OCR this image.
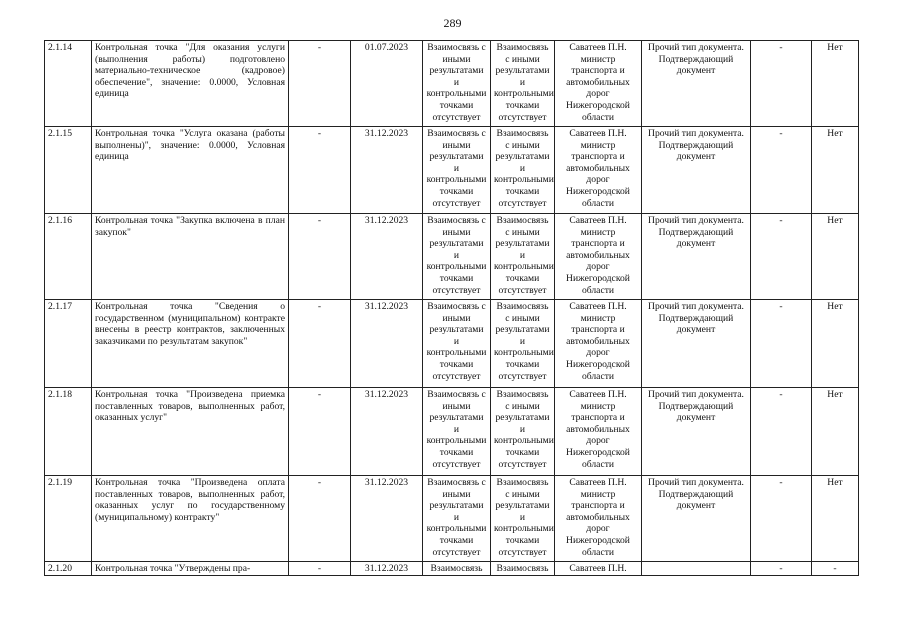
289
2.1.14	Контрольная точка "Для оказания услуги (выполнения работы) подготовлено материально-техническое (кадровое) обеспечение", значение: 0.0000, Условная единица	-	01.07.2023	Взаимосвязь с иными результатами и контрольными точками отсутствует	Взаимосвязь с иными результатами и контрольными точками отсутствует	Саватеев П.Н. министр транспорта и автомобильных дорог Нижегородской области	Прочий тип документа. Подтверждающий документ	-	Нет
2.1.15	Контрольная точка "Услуга оказана (работы выполнены)", значение: 0.0000, Условная единица	-	31.12.2023	Взаимосвязь с иными результатами и контрольными точками отсутствует	Взаимосвязь с иными результатами и контрольными точками отсутствует	Саватеев П.Н. министр транспорта и автомобильных дорог Нижегородской области	Прочий тип документа. Подтверждающий документ	-	Нет
2.1.16	Контрольная точка "Закупка включена в план закупок"	-	31.12.2023	Взаимосвязь с иными результатами и контрольными точками отсутствует	Взаимосвязь с иными результатами и контрольными точками отсутствует	Саватеев П.Н. министр транспорта и автомобильных дорог Нижегородской области	Прочий тип документа. Подтверждающий документ	-	Нет
2.1.17	Контрольная точка "Сведения о государственном (муниципальном) контракте внесены в реестр контрактов, заключенных заказчиками по результатам закупок"	-	31.12.2023	Взаимосвязь с иными результатами и контрольными точками отсутствует	Взаимосвязь с иными результатами и контрольными точками отсутствует	Саватеев П.Н. министр транспорта и автомобильных дорог Нижегородской области	Прочий тип документа. Подтверждающий документ	-	Нет
2.1.18	Контрольная точка "Произведена приемка поставленных товаров, выполненных работ, оказанных услуг"	-	31.12.2023	Взаимосвязь с иными результатами и контрольными точками отсутствует	Взаимосвязь с иными результатами и контрольными точками отсутствует	Саватеев П.Н. министр транспорта и автомобильных дорог Нижегородской области	Прочий тип документа. Подтверждающий документ	-	Нет
2.1.19	Контрольная точка "Произведена оплата поставленных товаров, выполненных работ, оказанных услуг по государственному (муниципальному) контракту"	-	31.12.2023	Взаимосвязь с иными результатами и контрольными точками отсутствует	Взаимосвязь с иными результатами и контрольными точками отсутствует	Саватеев П.Н. министр транспорта и автомобильных дорог Нижегородской области	Прочий тип документа. Подтверждающий документ	-	Нет
2.1.20	Контрольная точка "Утверждены пра-	-	31.12.2023	Взаимосвязь	Взаимосвязь	Саватеев П.Н.		-	-
